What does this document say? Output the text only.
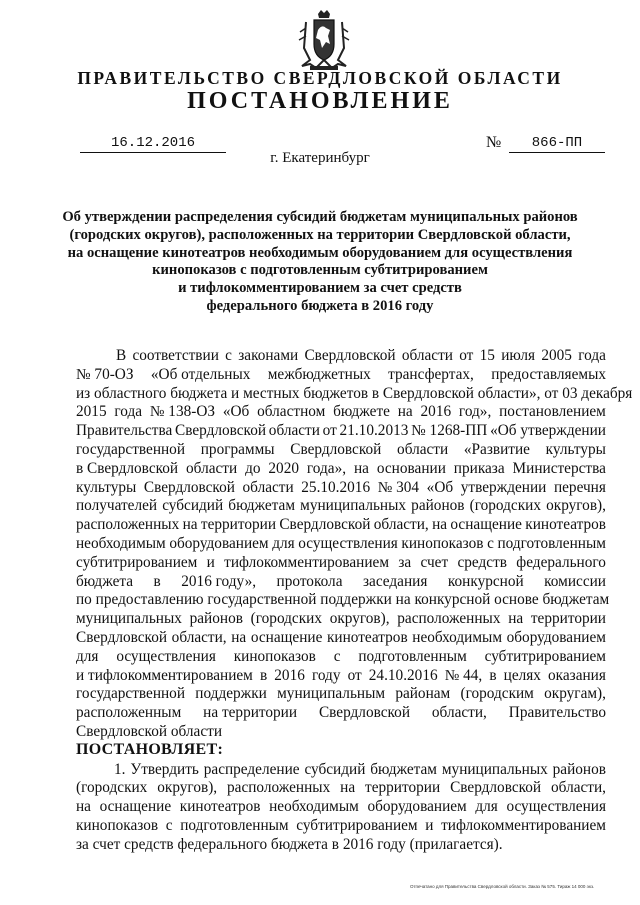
ПРАВИТЕЛЬСТВО СВЕРДЛОВСКОЙ ОБЛАСТИ
ПОСТАНОВЛЕНИЕ
16.12.2016	№	866-ПП
г. Екатеринбург
Об утверждении распределения субсидий бюджетам муниципальных районов
(городских округов), расположенных на территории Свердловской области,
на оснащение кинотеатров необходимым оборудованием для осуществления
кинопоказов с подготовленным субтитрированием
и тифлокомментированием за счет средств
федерального бюджета в 2016 году
В соответствии с законами Свердловской области от 15 июля 2005 года
№ 70-ОЗ «Об отдельных межбюджетных трансфертах, предоставляемых
из областного бюджета и местных бюджетов в Свердловской области», от 03 декабря
2015 года № 138-ОЗ «Об областном бюджете на 2016 год», постановлением
Правительства Свердловской области от 21.10.2013 № 1268-ПП «Об утверждении
государственной программы Свердловской области «Развитие культуры
в Свердловской области до 2020 года», на основании приказа Министерства
культуры Свердловской области 25.10.2016 № 304 «Об утверждении перечня
получателей субсидий бюджетам муниципальных районов (городских округов),
расположенных на территории Свердловской области, на оснащение кинотеатров
необходимым оборудованием для осуществления кинопоказов с подготовленным
субтитрированием и тифлокомментированием за счет средств федерального
бюджета в 2016 году», протокола заседания конкурсной комиссии
по предоставлению государственной поддержки на конкурсной основе бюджетам
муниципальных районов (городских округов), расположенных на территории
Свердловской области, на оснащение кинотеатров необходимым оборудованием
для осуществления кинопоказов с подготовленным субтитрированием
и тифлокомментированием в 2016 году от 24.10.2016 № 44, в целях оказания
государственной поддержки муниципальным районам (городским округам),
расположенным на территории Свердловской области, Правительство
Свердловской области
ПОСТАНОВЛЯЕТ:
1. Утвердить распределение субсидий бюджетам муниципальных районов
(городских округов), расположенных на территории Свердловской области,
на оснащение кинотеатров необходимым оборудованием для осуществления
кинопоказов с подготовленным субтитрированием и тифлокомментированием
за счет средств федерального бюджета в 2016 году (прилагается).
Отпечатано для Правительства Свердловской области. Заказ № 575. Тираж 14 000 экз.
